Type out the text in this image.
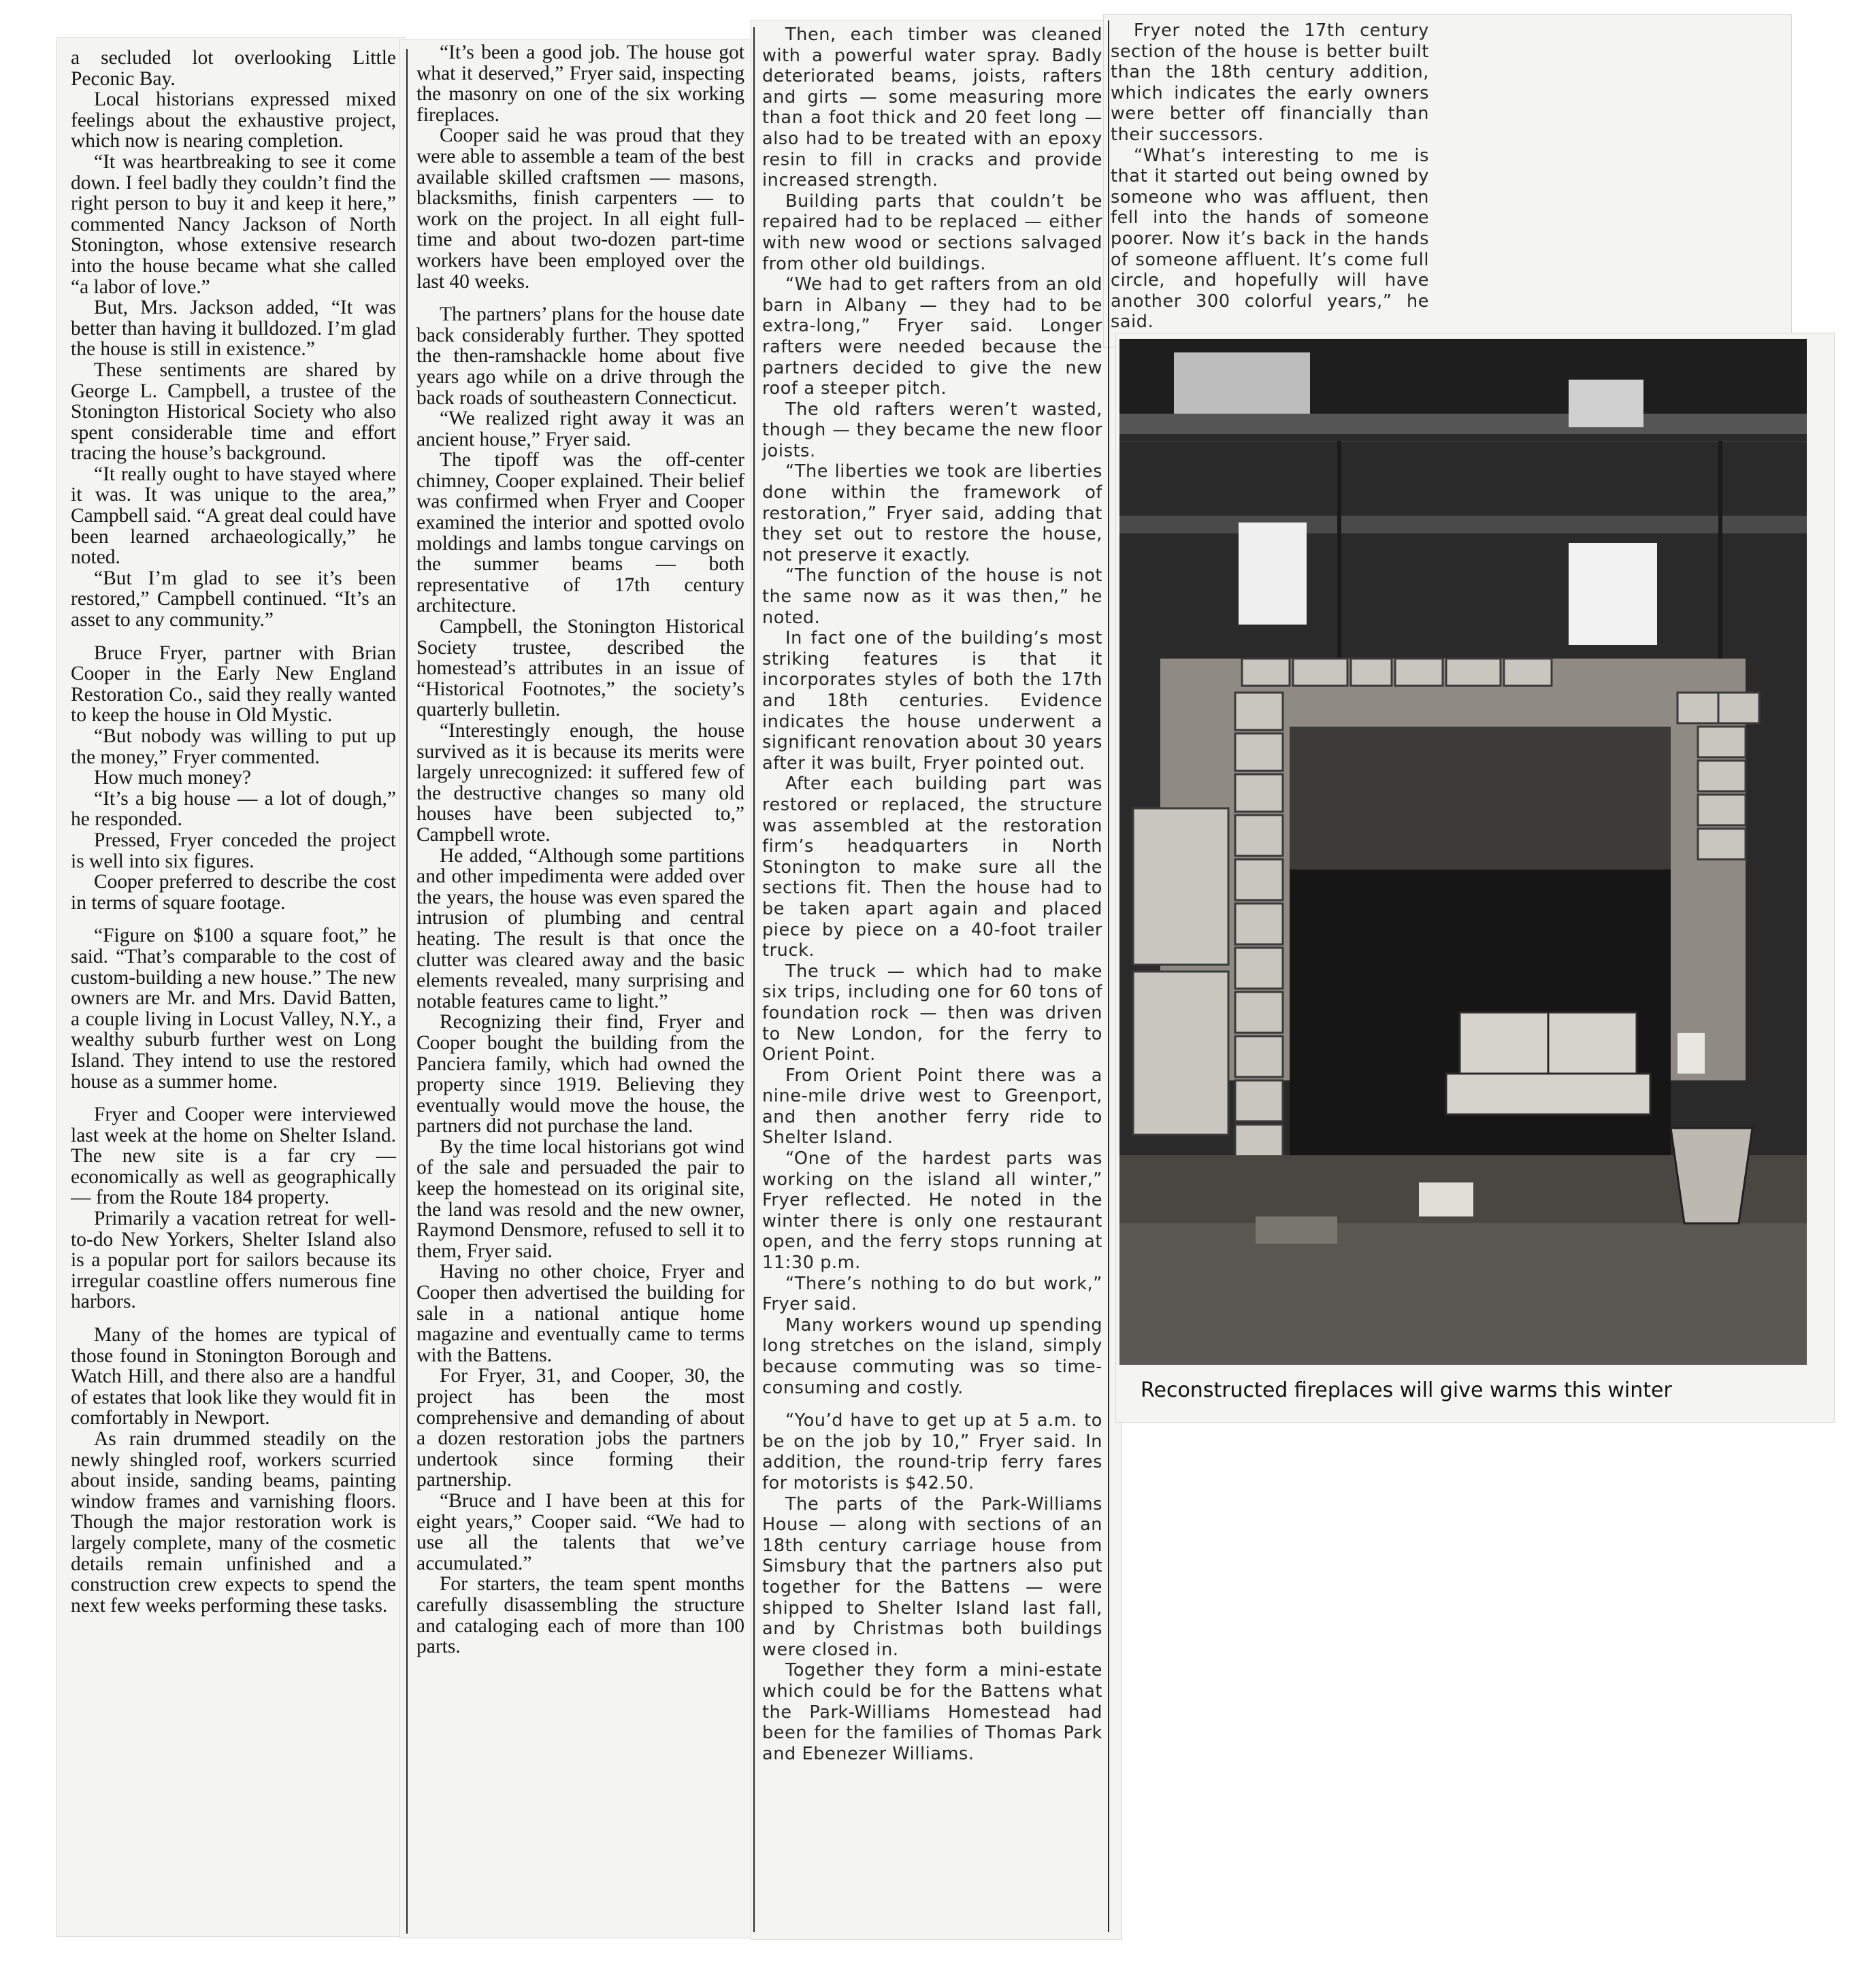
a secluded lot overlooking Little Peconic Bay.

Local historians expressed mixed feelings about the exhaustive project, which now is nearing completion.

“It was heartbreaking to see it come down. I feel badly they couldn’t find the right person to buy it and keep it here,” commented Nancy Jackson of North Stonington, whose extensive research into the house became what she called “a labor of love.”

But, Mrs. Jackson added, “It was better than having it bulldozed. I’m glad the house is still in existence.”

These sentiments are shared by George L. Campbell, a trustee of the Stonington Historical Society who also spent considerable time and effort tracing the house’s background.

“It really ought to have stayed where it was. It was unique to the area,” Campbell said. “A great deal could have been learned archaeologically,” he noted.

“But I’m glad to see it’s been restored,” Campbell continued. “It’s an asset to any community.”

Bruce Fryer, partner with Brian Cooper in the Early New England Restoration Co., said they really wanted to keep the house in Old Mystic.

“But nobody was willing to put up the money,” Fryer commented.

How much money?

“It’s a big house — a lot of dough,” he responded.

Pressed, Fryer conceded the project is well into six figures.

Cooper preferred to describe the cost in terms of square footage.

“Figure on $100 a square foot,” he said. “That’s comparable to the cost of custom-building a new house.” The new owners are Mr. and Mrs. David Batten, a couple living in Locust Valley, N.Y., a wealthy suburb further west on Long Island. They intend to use the restored house as a summer home.

Fryer and Cooper were interviewed last week at the home on Shelter Island. The new site is a far cry — economically as well as geographically — from the Route 184 property.

Primarily a vacation retreat for well-to-do New Yorkers, Shelter Island also is a popular port for sailors because its irregular coastline offers numerous fine harbors.

Many of the homes are typical of those found in Stonington Borough and Watch Hill, and there also are a handful of estates that look like they would fit in comfortably in Newport.

As rain drummed steadily on the newly shingled roof, workers scurried about inside, sanding beams, painting window frames and varnishing floors. Though the major restoration work is largely complete, many of the cosmetic details remain unfinished and a construction crew expects to spend the next few weeks performing these tasks.

“It’s been a good job. The house got what it deserved,” Fryer said, inspecting the masonry on one of the six working fireplaces.

Cooper said he was proud that they were able to assemble a team of the best available skilled craftsmen — masons, blacksmiths, finish carpenters — to work on the project. In all eight full-time and about two-dozen part-time workers have been employed over the last 40 weeks.

The partners’ plans for the house date back considerably further. They spotted the then-ramshackle home about five years ago while on a drive through the back roads of southeastern Connecticut.

“We realized right away it was an ancient house,” Fryer said.

The tipoff was the off-center chimney, Cooper explained. Their belief was confirmed when Fryer and Cooper examined the interior and spotted ovolo moldings and lambs tongue carvings on the summer beams — both representative of 17th century architecture.

Campbell, the Stonington Historical Society trustee, described the homestead’s attributes in an issue of “Historical Footnotes,” the society’s quarterly bulletin.

“Interestingly enough, the house survived as it is because its merits were largely unrecognized: it suffered few of the destructive changes so many old houses have been subjected to,” Campbell wrote.

He added, “Although some partitions and other impedimenta were added over the years, the house was even spared the intrusion of plumbing and central heating. The result is that once the clutter was cleared away and the basic elements revealed, many surprising and notable features came to light.”

Recognizing their find, Fryer and Cooper bought the building from the Panciera family, which had owned the property since 1919. Believing they eventually would move the house, the partners did not purchase the land.

By the time local historians got wind of the sale and persuaded the pair to keep the homestead on its original site, the land was resold and the new owner, Raymond Densmore, refused to sell it to them, Fryer said.

Having no other choice, Fryer and Cooper then advertised the building for sale in a national antique home magazine and eventually came to terms with the Battens.

For Fryer, 31, and Cooper, 30, the project has been the most comprehensive and demanding of about a dozen restoration jobs the partners undertook since forming their partnership.

“Bruce and I have been at this for eight years,” Cooper said. “We had to use all the talents that we’ve accumulated.”

For starters, the team spent months carefully disassembling the structure and cataloging each of more than 100 parts.

Then, each timber was cleaned with a powerful water spray. Badly deteriorated beams, joists, rafters and girts — some measuring more than a foot thick and 20 feet long — also had to be treated with an epoxy resin to fill in cracks and provide increased strength.

Building parts that couldn’t be repaired had to be replaced — either with new wood or sections salvaged from other old buildings.

“We had to get rafters from an old barn in Albany — they had to be extra-long,” Fryer said. Longer rafters were needed because the partners decided to give the new roof a steeper pitch.

The old rafters weren’t wasted, though — they became the new floor joists.

“The liberties we took are liberties done within the framework of restoration,” Fryer said, adding that they set out to restore the house, not preserve it exactly.

“The function of the house is not the same now as it was then,” he noted.

In fact one of the building’s most striking features is that it incorporates styles of both the 17th and 18th centuries. Evidence indicates the house underwent a significant renovation about 30 years after it was built, Fryer pointed out.

After each building part was restored or replaced, the structure was assembled at the restoration firm’s headquarters in North Stonington to make sure all the sections fit. Then the house had to be taken apart again and placed piece by piece on a 40-foot trailer truck.

The truck — which had to make six trips, including one for 60 tons of foundation rock — then was driven to New London, for the ferry to Orient Point.

From Orient Point there was a nine-mile drive west to Greenport, and then another ferry ride to Shelter Island.

“One of the hardest parts was working on the island all winter,” Fryer reflected. He noted in the winter there is only one restaurant open, and the ferry stops running at 11:30 p.m.

“There’s nothing to do but work,” Fryer said.

Many workers wound up spending long stretches on the island, simply because commuting was so time-consuming and costly.

“You’d have to get up at 5 a.m. to be on the job by 10,” Fryer said. In addition, the round-trip ferry fares for motorists is $42.50.

The parts of the Park-Williams House — along with sections of an 18th century carriage house from Simsbury that the partners also put together for the Battens — were shipped to Shelter Island last fall, and by Christmas both buildings were closed in.

Together they form a mini-estate which could be for the Battens what the Park-Williams Homestead had been for the families of Thomas Park and Ebenezer Williams.

Fryer noted the 17th century section of the house is better built than the 18th century addition, which indicates the early owners were better off financially than their successors.

“What’s interesting to me is that it started out being owned by someone who was affluent, then fell into the hands of someone poorer. Now it’s back in the hands of someone affluent. It’s come full circle, and hopefully will have another 300 colorful years,” he said.

Reconstructed fireplaces will give warms this winter
